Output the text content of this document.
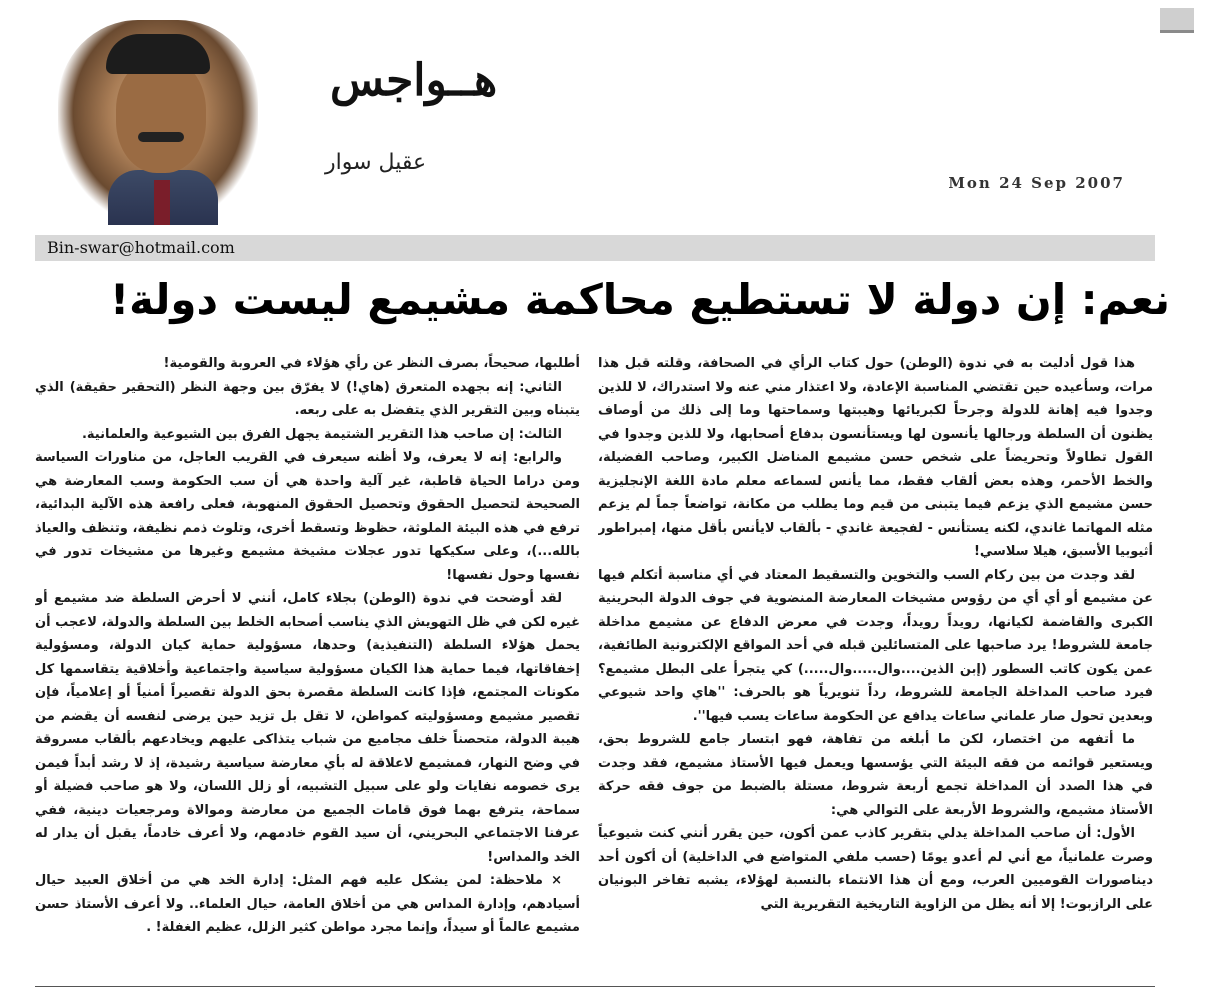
هــواجس
عقيل سوار
Mon 24 Sep 2007
Bin-swar@hotmail.com
نعم: إن دولة لا تستطيع محاكمة مشيمع ليست دولة!

هذا قول أدليت به في ندوة (الوطن) حول كتاب الرأي في الصحافة، وقلته قبل هذا مرات، وسأعيده حين تقتضي المناسبة الإعادة، ولا اعتذار مني عنه ولا استدراك، لا للذين وجدوا فيه إهانة للدولة وجرحاً لكبريائها وهيبتها وسماحتها وما إلى ذلك من أوصاف يظنون أن السلطة ورجالها يأنسون لها ويستأنسون بدفاع أصحابها، ولا للذين وجدوا في القول تطاولاً وتحريضاً على شخص حسن مشيمع المناضل الكبير، وصاحب الفضيلة، والخط الأحمر، وهذه بعض ألقاب فقط، مما يأنس لسماعه معلم مادة اللغة الإنجليزية حسن مشيمع الذي يزعم فيما يتبنى من قيم وما يطلب من مكانة، تواضعاً جماً لم يزعم مثله المهاتما غاندي، لكنه يستأنس - لفجيعة غاندي - بألقاب لايأنس بأقل منها، إمبراطور أثيوبيا الأسبق، هيلا سلاسي!

لقد وجدت من بين ركام السب والتخوين والتسقيط المعتاد في أي مناسبة أتكلم فيها عن مشيمع أو أي أي من رؤوس مشيخات المعارضة المنضوية في جوف الدولة البحرينية الكبرى والقاضمة لكيانها، رويداً رويداً، وجدت في معرض الدفاع عن مشيمع مداخلة جامعة للشروط! يرد صاحبها على المتسائلين قبله في أحد المواقع الإلكترونية الطائفية، عمن يكون كاتب السطور (إبن الذين....وال.....وال.....) كي يتجرأ على البطل مشيمع؟ فيرد صاحب المداخلة الجامعة للشروط، رداً تنويرياً هو بالحرف: ''هاي واحد شيوعي وبعدين تحول صار علماني ساعات يدافع عن الحكومة ساعات يسب فيها''.

ما أتفهه من اختصار، لكن ما أبلغه من تفاهة، فهو ابتسار جامع للشروط بحق، ويستعير قوائمه من فقه البيئة التي يؤسسها ويعمل فيها الأستاذ مشيمع، فقد وجدت في هذا الصدد أن المداخلة تجمع أربعة شروط، مستلة بالضبط من جوف فقه حركة الأستاذ مشيمع، والشروط الأربعة على التوالي هي:

الأول: أن صاحب المداخلة يدلي بتقرير كاذب عمن أكون، حين يقرر أنني كنت شيوعياً وصرت علمانياً، مع أني لم أعدو يومًا (حسب ملفي المتواضع في الداخلية) أن أكون أحد ديناصورات القوميين العرب، ومع أن هذا الانتماء بالنسبة لهؤلاء، يشبه تفاخر البونيان على الرازبوت! إلا أنه يظل من الزاوية التاريخية التقريرية التي

أطلبها، صحيحاً، بصرف النظر عن رأي هؤلاء في العروبة والقومية!

الثاني: إنه بجهده المتعرق (هاي!) لا يفرّق بين وجهة النظر (التحقير حقيقة) الذي يتبناه وبين التقرير الذي يتفضل به على ربعه.

الثالث: إن صاحب هذا التقرير الشتيمة يجهل الفرق بين الشيوعية والعلمانية.

والرابع: إنه لا يعرف، ولا أظنه سيعرف في القريب العاجل، من مناورات السياسة ومن دراما الحياة قاطبة، غير آلية واحدة هي أن سب الحكومة وسب المعارضة هي الصحيحة لتحصيل الحقوق وتحصيل الحقوق المنهوبة، فعلى رافعة هذه الآلية البدائية، ترفع في هذه البيئة الملوثة، حظوظ وتسقط أخرى، وتلوث ذمم نظيفة، وتنظف والعياذ بالله...)، وعلى سكيكها تدور عجلات مشيخة مشيمع وغيرها من مشيخات تدور في نفسها وحول نفسها!

لقد أوضحت في ندوة (الوطن) بجلاء كامل، أنني لا أحرض السلطة ضد مشيمع أو غيره لكن في ظل التهويش الذي يناسب أصحابه الخلط بين السلطة والدولة، لاعجب أن يحمل هؤلاء السلطة (التنفيذية) وحدها، مسؤولية حماية كيان الدولة، ومسؤولية إخفاقاتها، فيما حماية هذا الكيان مسؤولية سياسية واجتماعية وأخلاقية يتقاسمها كل مكونات المجتمع، فإذا كانت السلطة مقصرة بحق الدولة تقصيراً أمنياً أو إعلامياً، فإن تقصير مشيمع ومسؤوليته كمواطن، لا تقل بل تزيد حين يرضى لنفسه أن يقضم من هيبة الدولة، متحصناً خلف مجاميع من شباب يتذاكى عليهم ويخادعهم بألقاب مسروقة في وضح النهار، فمشيمع لاعلاقة له بأي معارضة سياسية رشيدة، إذ لا رشد أبداً فيمن يرى خصومه نفايات ولو على سبيل التشبيه، أو زلل اللسان، ولا هو صاحب فضيلة أو سماحة، يترفع بهما فوق قامات الجميع من معارضة وموالاة ومرجعيات دينية، ففي عرفنا الاجتماعي البحريني، أن سيد القوم خادمهم، ولا أعرف خادماً، يقبل أن يدار له الخد والمداس!

× ملاحظة: لمن يشكل عليه فهم المثل: إدارة الخد هي من أخلاق العبيد حيال أسيادهم، وإدارة المداس هي من أخلاق العامة، حيال العلماء.. ولا أعرف الأستاذ حسن مشيمع عالماً أو سيداً، وإنما مجرد مواطن كثير الزلل، عظيم الغفلة! .
